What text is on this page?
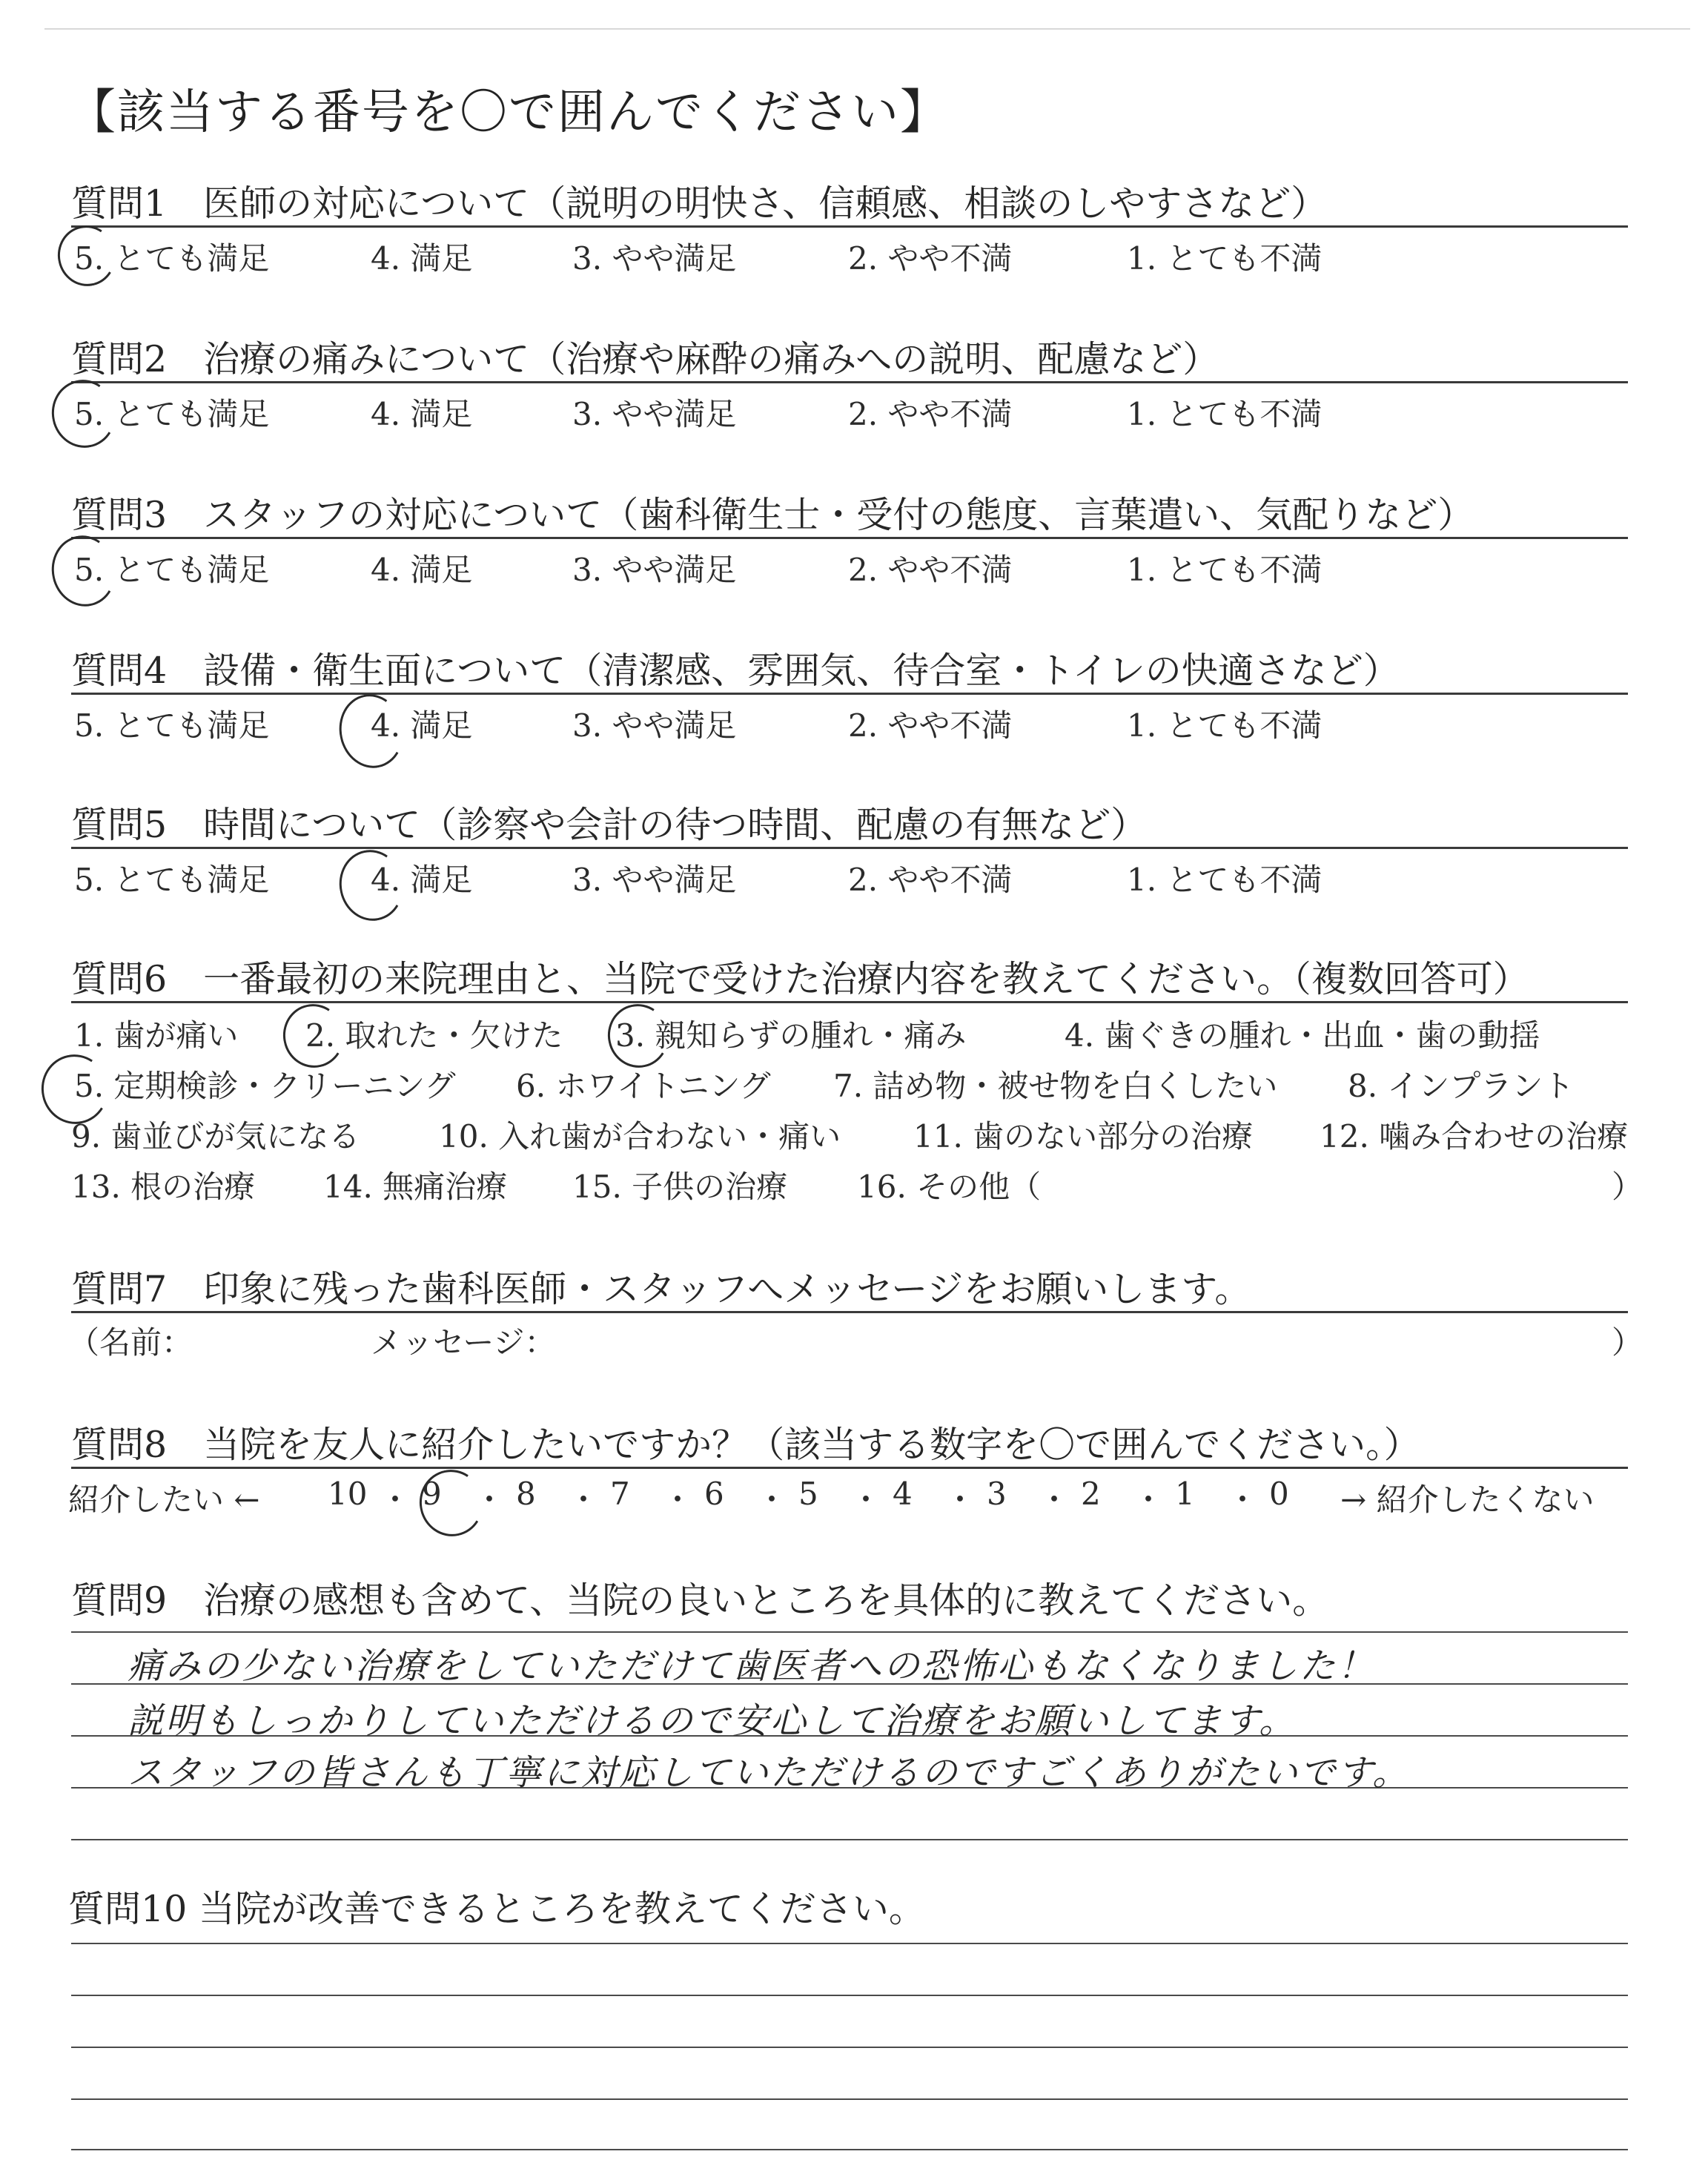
【該当する番号を〇で囲んでください】
質問1　医師の対応について（説明の明快さ、信頼感、相談のしやすさなど）
5. とても満足	4. 満足	3. やや満足	2. やや不満	1. とても不満
質問2　治療の痛みについて（治療や麻酔の痛みへの説明、配慮など）
5. とても満足	4. 満足	3. やや満足	2. やや不満	1. とても不満
質問3　スタッフの対応について（歯科衛生士・受付の態度、言葉遣い、気配りなど）
5. とても満足	4. 満足	3. やや満足	2. やや不満	1. とても不満
質問4　設備・衛生面について（清潔感、雰囲気、待合室・トイレの快適さなど）
5. とても満足	4. 満足	3. やや満足	2. やや不満	1. とても不満
質問5　時間について（診察や会計の待つ時間、配慮の有無など）
5. とても満足	4. 満足	3. やや満足	2. やや不満	1. とても不満
質問6　一番最初の来院理由と、当院で受けた治療内容を教えてください。（複数回答可）
1. 歯が痛い 2. 取れた・欠けた 3. 親知らずの腫れ・痛み	4. 歯ぐきの腫れ・出血・歯の動揺
5. 定期検診・クリーニング 6. ホワイトニング 7. 詰め物・被せ物を白くしたい 8. インプラント
9. 歯並びが気になる	10. 入れ歯が合わない・痛い 11. 歯のない部分の治療 12. 噛み合わせの治療
13. 根の治療 14. 無痛治療 15. 子供の治療 16. その他（	）
質問7　印象に残った歯科医師・スタッフへメッセージをお願いします。
（名前：	メッセージ：	）
質問8　当院を友人に紹介したいですか？（該当する数字を〇で囲んでください。）
紹介したい ← 10 ・ 9 ・ 8 ・ 7 ・ 6 ・ 5 ・ 4 ・ 3 ・ 2 ・ 1 ・ 0 → 紹介したくない
質問9　治療の感想も含めて、当院の良いところを具体的に教えてください。
痛みの少ない治療をしていただけて歯医者への恐怖心もなくなりました！
説明もしっかりしていただけるので安心して治療をお願いしてます。
スタッフの皆さんも丁寧に対応していただけるのですごくありがたいです。
質問10 当院が改善できるところを教えてください。
